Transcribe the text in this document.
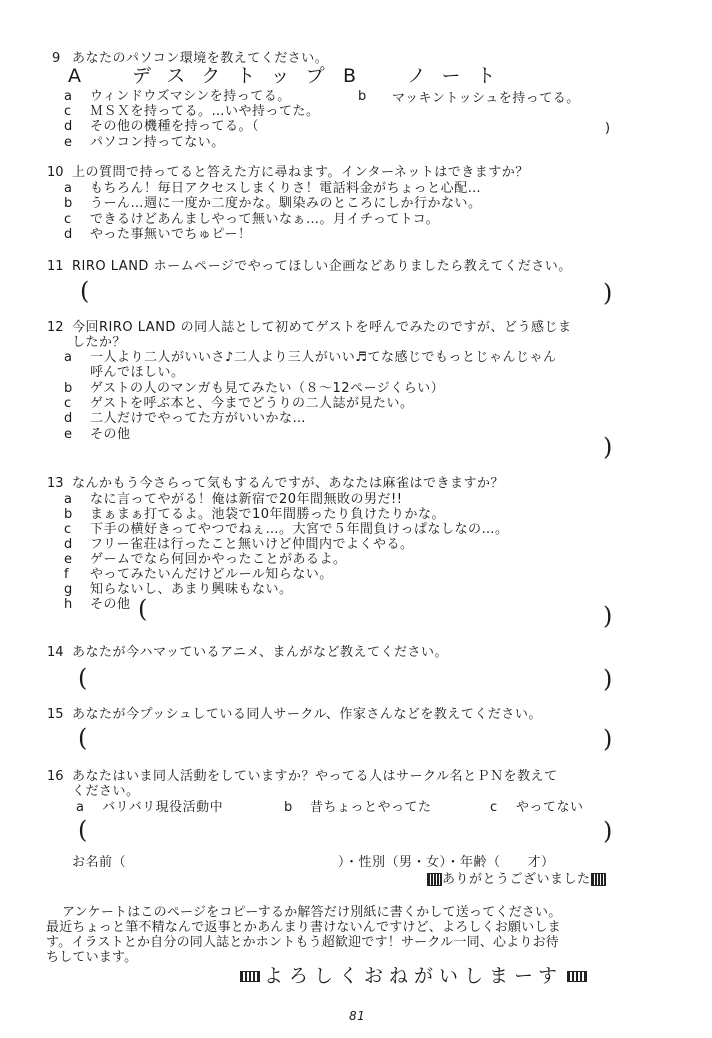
9 あなたのパソコン環境を教えてください。
A　デスクトップ B　ノート
a ウィンドウズマシンを持ってる。	b マッキントッシュを持ってる。
c ＭＳＸを持ってる。…いや持ってた。
d その他の機種を持ってる。（	)
e パソコン持ってない。
10 上の質問で持ってると答えた方に尋ねます。インターネットはできますか？
a もちろん！毎日アクセスしまくりさ！電話料金がちょっと心配…
b うーん…週に一度か二度かな。馴染みのところにしか行かない。
c できるけどあんましやって無いなぁ…。月イチってトコ。
d やった事無いでちゅピー！
11 RIRO LAND ホームページでやってほしい企画などありましたら教えてください。
(	)
12 今回RIRO LAND の同人誌として初めてゲストを呼んでみたのですが、どう感じま
したか？
a 一人より二人がいいさ♪二人より三人がいい♬てな感じでもっとじゃんじゃん
呼んでほしい。
b ゲストの人のマンガも見てみたい（８～12ページくらい）
c ゲストを呼ぶ本と、今までどうりの二人誌が見たい。
d 二人だけでやってた方がいいかな…
e その他	)
13 なんかもう今さらって気もするんですが、あなたは麻雀はできますか？
a なに言ってやがる！俺は新宿で20年間無敗の男だ!!
b まぁまぁ打てるよ。池袋で10年間勝ったり負けたりかな。
c 下手の横好きってやつでねぇ…。大宮で５年間負けっぱなしなの…。
d フリー雀荘は行ったこと無いけど仲間内でよくやる。
e ゲームでなら何回かやったことがあるよ。
f やってみたいんだけどルール知らない。
g 知らないし、あまり興味もない。
h その他 (	)
14 あなたが今ハマッているアニメ、まんがなど教えてください。
(	)
15 あなたが今プッシュしている同人サークル、作家さんなどを教えてください。
(	)
16 あなたはいま同人活動をしていますか？やってる人はサークル名とＰＮを教えて
ください。
a バリバリ現役活動中	b 昔ちょっとやってた	c やってない
(	)
お名前（	）・性別（男・女）・年齢（　　才）
ありがとうございました
アンケートはこのページをコピーするか解答だけ別紙に書くかして送ってください。
最近ちょっと筆不精なんで返事とかあんまり書けないんですけど、よろしくお願いしま
す。イラストとか自分の同人誌とかホントもう超歓迎です！サークル一同、心よりお待
ちしています。
よろしくおねがいしまーす
81
